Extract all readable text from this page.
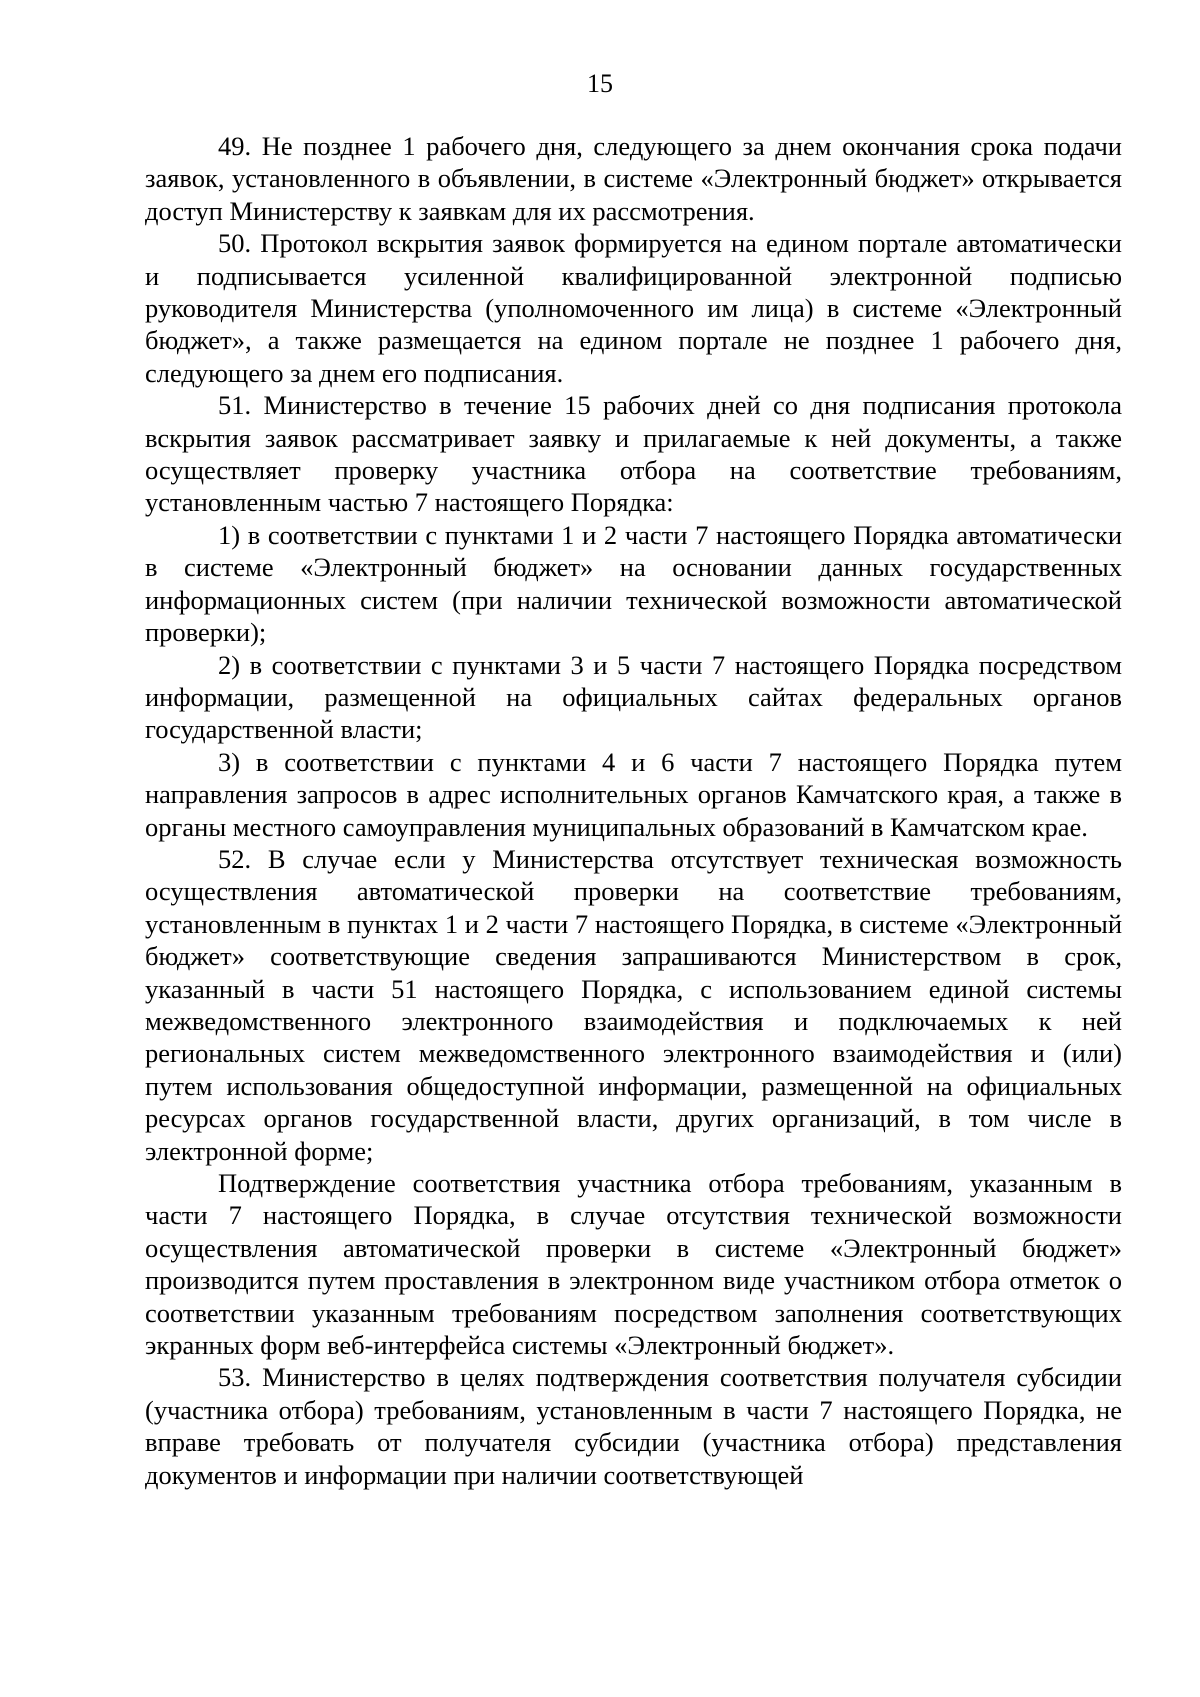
15

49. Не позднее 1 рабочего дня, следующего за днем окончания срока подачи заявок, установленного в объявлении, в системе «Электронный бюджет» открывается доступ Министерству к заявкам для их рассмотрения.

50. Протокол вскрытия заявок формируется на едином портале автоматически и подписывается усиленной квалифицированной электронной подписью руководителя Министерства (уполномоченного им лица) в системе «Электронный бюджет», а также размещается на едином портале не позднее 1 рабочего дня, следующего за днем его подписания.

51. Министерство в течение 15 рабочих дней со дня подписания протокола вскрытия заявок рассматривает заявку и прилагаемые к ней документы, а также осуществляет проверку участника отбора на соответствие требованиям, установленным частью 7 настоящего Порядка:

1) в соответствии с пунктами 1 и 2 части 7 настоящего Порядка автоматически в системе «Электронный бюджет» на основании данных государственных информационных систем (при наличии технической возможности автоматической проверки);

2) в соответствии с пунктами 3 и 5 части 7 настоящего Порядка посредством информации, размещенной на официальных сайтах федеральных органов государственной власти;

3) в соответствии с пунктами 4 и 6 части 7 настоящего Порядка путем направления запросов в адрес исполнительных органов Камчатского края, а также в органы местного самоуправления муниципальных образований в Камчатском крае.

52. В случае если у Министерства отсутствует техническая возможность осуществления автоматической проверки на соответствие требованиям, установленным в пунктах 1 и 2 части 7 настоящего Порядка, в системе «Электронный бюджет» соответствующие сведения запрашиваются Министерством в срок, указанный в части 51 настоящего Порядка, с использованием единой системы межведомственного электронного взаимодействия и подключаемых к ней региональных систем межведомственного электронного взаимодействия и (или) путем использования общедоступной информации, размещенной на официальных ресурсах органов государственной власти, других организаций, в том числе в электронной форме;

Подтверждение соответствия участника отбора требованиям, указанным в части 7 настоящего Порядка, в случае отсутствия технической возможности осуществления автоматической проверки в системе «Электронный бюджет» производится путем проставления в электронном виде участником отбора отметок о соответствии указанным требованиям посредством заполнения соответствующих экранных форм веб-интерфейса системы «Электронный бюджет».

53. Министерство в целях подтверждения соответствия получателя субсидии (участника отбора) требованиям, установленным в части 7 настоящего Порядка, не вправе требовать от получателя субсидии (участника отбора) представления документов и информации при наличии соответствующей
